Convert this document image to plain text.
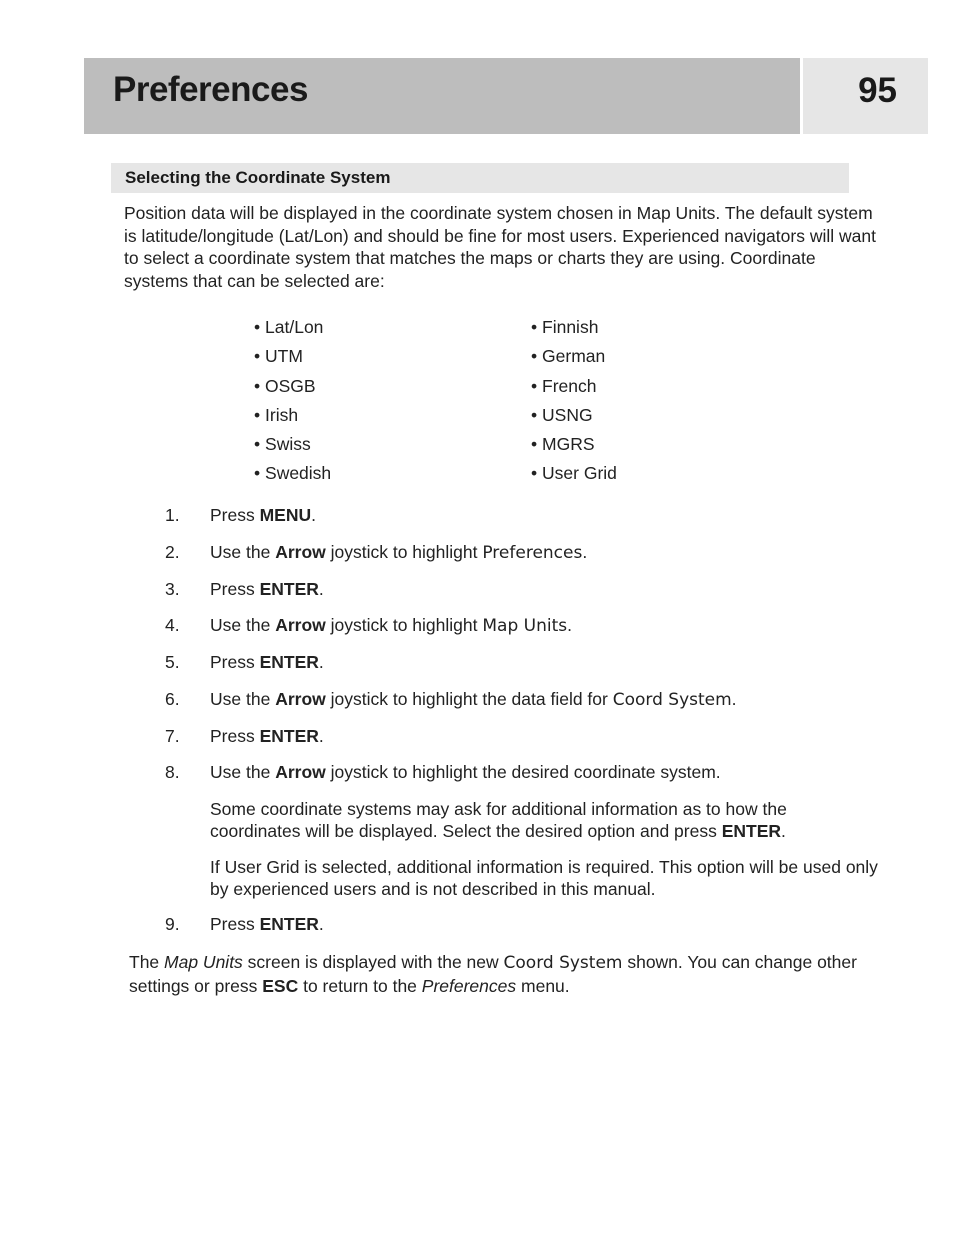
Preferences	95
Selecting the Coordinate System

Position data will be displayed in the coordinate system chosen in Map Units. The default system is latitude/longitude (Lat/Lon) and should be fine for most users. Experienced navigators will want to select a coordinate system that matches the maps or charts they are using. Coordinate systems that can be selected are:

• Lat/Lon
• UTM
• OSGB
• Irish
• Swiss
• Swedish
• Finnish
• German
• French
• USNG
• MGRS
• User Grid
1.	Press MENU.
2.	Use the Arrow joystick to highlight Preferences.
3.	Press ENTER.
4.	Use the Arrow joystick to highlight Map Units.
5.	Press ENTER.
6.	Use the Arrow joystick to highlight the data field for Coord System.
7.	Press ENTER.
8.	Use the Arrow joystick to highlight the desired coordinate system.

Some coordinate systems may ask for additional information as to how the coordinates will be displayed. Select the desired option and press ENTER.

If User Grid is selected, additional information is required. This option will be used only by experienced users and is not described in this manual.

9.	Press ENTER.

The Map Units screen is displayed with the new Coord System shown. You can change other settings or press ESC to return to the Preferences menu.
